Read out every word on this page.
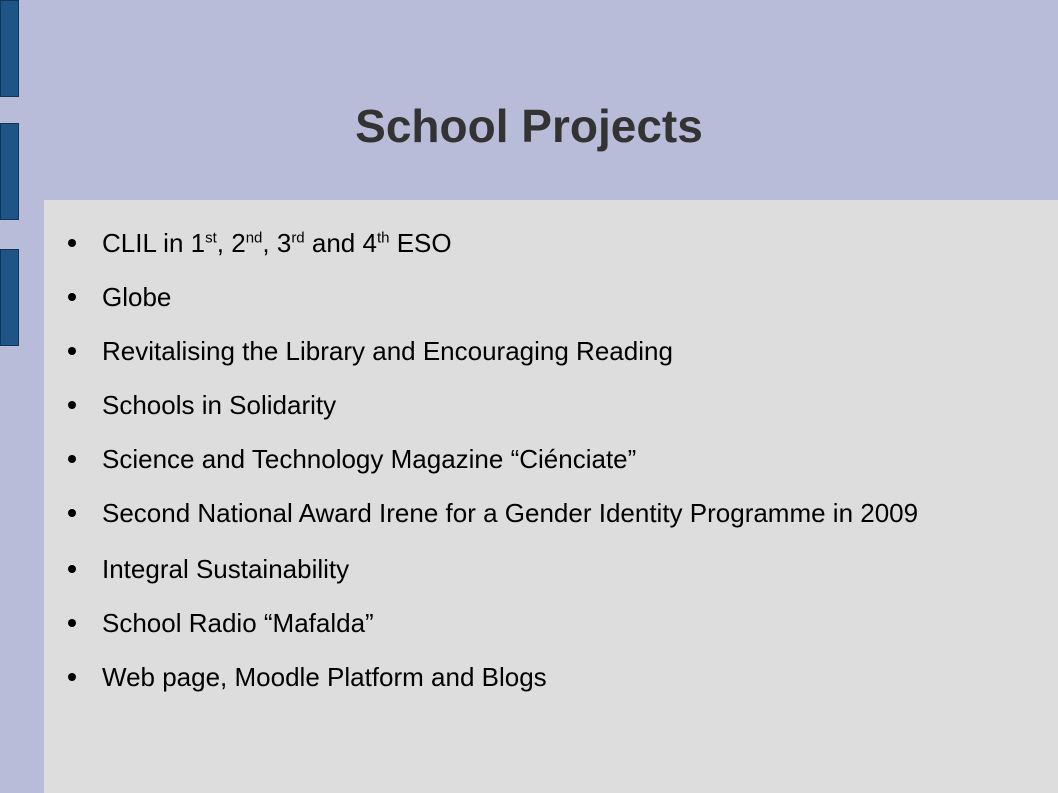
School Projects
CLIL in 1st, 2nd, 3rd and 4th ESO
Globe
Revitalising the Library and Encouraging Reading
Schools in Solidarity
Science and Technology Magazine “Ciénciate”
Second National Award Irene for a Gender Identity Programme in 2009
Integral Sustainability
School Radio “Mafalda”
Web page, Moodle Platform and Blogs
